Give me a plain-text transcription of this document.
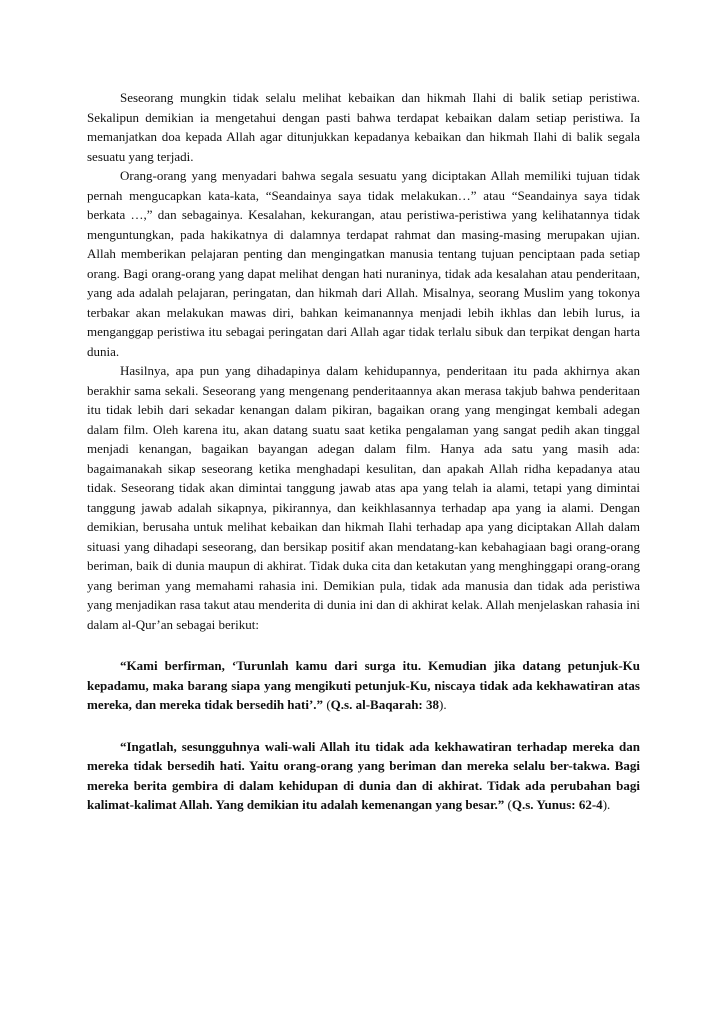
Seseorang mungkin tidak selalu melihat kebaikan dan hikmah Ilahi di balik setiap peristiwa. Sekalipun demikian ia mengetahui dengan pasti bahwa terdapat kebaikan dalam setiap peristiwa. Ia memanjatkan doa kepada Allah agar ditunjukkan kepadanya kebaikan dan hikmah Ilahi di balik segala sesuatu yang terjadi.

Orang-orang yang menyadari bahwa segala sesuatu yang diciptakan Allah memiliki tujuan tidak pernah mengucapkan kata-kata, “Seandainya saya tidak melakukan…” atau “Seandainya saya tidak berkata …,” dan sebagainya. Kesalahan, kekurangan, atau peristiwa-peristiwa yang kelihatannya tidak menguntungkan, pada hakikatnya di dalamnya terdapat rahmat dan masing-masing merupakan ujian. Allah memberikan pelajaran penting dan mengingatkan manusia tentang tujuan penciptaan pada setiap orang. Bagi orang-orang yang dapat melihat dengan hati nuraninya, tidak ada kesalahan atau penderitaan, yang ada adalah pelajaran, peringatan, dan hikmah dari Allah. Misalnya, seorang Muslim yang tokonya terbakar akan melakukan mawas diri, bahkan keimanannya menjadi lebih ikhlas dan lebih lurus, ia menganggap peristiwa itu sebagai peringatan dari Allah agar tidak terlalu sibuk dan terpikat dengan harta dunia.

Hasilnya, apa pun yang dihadapinya dalam kehidupannya, penderitaan itu pada akhirnya akan berakhir sama sekali. Seseorang yang mengenang penderitaannya akan merasa takjub bahwa penderitaan itu tidak lebih dari sekadar kenangan dalam pikiran, bagaikan orang yang mengingat kembali adegan dalam film. Oleh karena itu, akan datang suatu saat ketika pengalaman yang sangat pedih akan tinggal menjadi kenangan, bagaikan bayangan adegan dalam film. Hanya ada satu yang masih ada: bagaimanakah sikap seseorang ketika menghadapi kesulitan, dan apakah Allah ridha kepadanya atau tidak. Seseorang tidak akan dimintai tanggung jawab atas apa yang telah ia alami, tetapi yang dimintai tanggung jawab adalah sikapnya, pikirannya, dan keikhlasannya terhadap apa yang ia alami. Dengan demikian, berusaha untuk melihat kebaikan dan hikmah Ilahi terhadap apa yang diciptakan Allah dalam situasi yang dihadapi seseorang, dan bersikap positif akan mendatang-kan kebahagiaan bagi orang-orang beriman, baik di dunia maupun di akhirat. Tidak duka cita dan ketakutan yang menghinggapi orang-orang yang beriman yang memahami rahasia ini. Demikian pula, tidak ada manusia dan tidak ada peristiwa yang menjadikan rasa takut atau menderita di dunia ini dan di akhirat kelak. Allah menjelaskan rahasia ini dalam al-Qur’an sebagai berikut:

“Kami berfirman, ‘Turunlah kamu dari surga itu. Kemudian jika datang petunjuk-Ku kepadamu, maka barang siapa yang mengikuti petunjuk-Ku, niscaya tidak ada kekhawatiran atas mereka, dan mereka tidak bersedih hati’.” (Q.s. al-Baqarah: 38).

“Ingatlah, sesungguhnya wali-wali Allah itu tidak ada kekhawatiran terhadap mereka dan mereka tidak bersedih hati. Yaitu orang-orang yang beriman dan mereka selalu ber-takwa. Bagi mereka berita gembira di dalam kehidupan di dunia dan di akhirat. Tidak ada perubahan bagi kalimat-kalimat Allah. Yang demikian itu adalah kemenangan yang besar.” (Q.s. Yunus: 62-4).
